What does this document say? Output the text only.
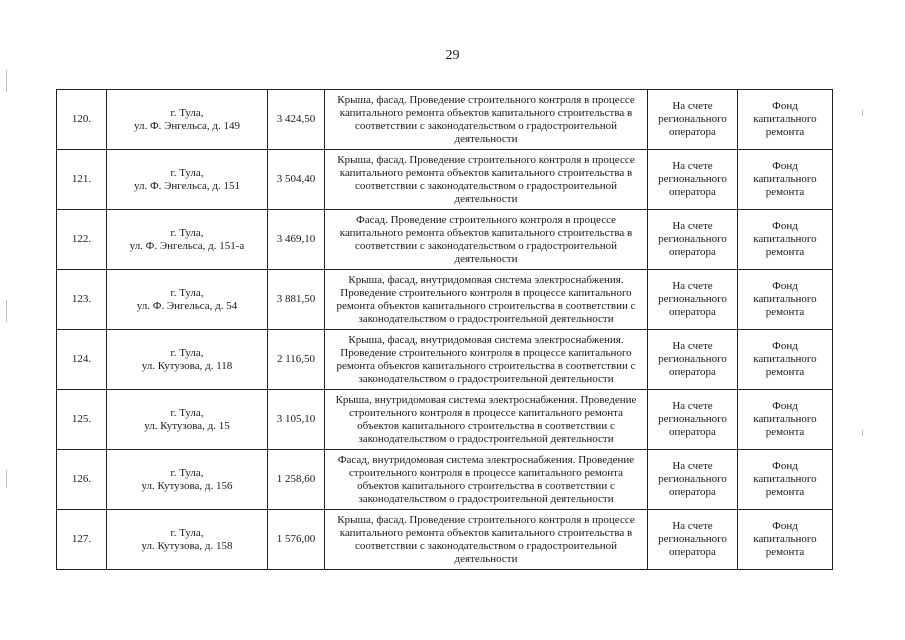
29
120.	г. Тула,
ул. Ф. Энгельса, д. 149	3 424,50	Крыша, фасад. Проведение строительного контроля в процессе капитального ремонта объектов капитального строительства в соответствии с законодательством о градостроительной деятельности	На счете регионального оператора	Фонд капитального ремонта
121.	г. Тула,
ул. Ф. Энгельса, д. 151	3 504,40	Крыша, фасад. Проведение строительного контроля в процессе капитального ремонта объектов капитального строительства в соответствии с законодательством о градостроительной деятельности	На счете регионального оператора	Фонд капитального ремонта
122.	г. Тула,
ул. Ф. Энгельса, д. 151-а	3 469,10	Фасад. Проведение строительного контроля в процессе капитального ремонта объектов капитального строительства в соответствии с законодательством о градостроительной деятельности	На счете регионального оператора	Фонд капитального ремонта
123.	г. Тула,
ул. Ф. Энгельса, д. 54	3 881,50	Крыша, фасад, внутридомовая система электроснабжения. Проведение строительного контроля в процессе капитального ремонта объектов капитального строительства в соответствии с законодательством о градостроительной деятельности	На счете регионального оператора	Фонд капитального ремонта
124.	г. Тула,
ул. Кутузова, д. 118	2 116,50	Крыша, фасад, внутридомовая система электроснабжения. Проведение строительного контроля в процессе капитального ремонта объектов капитального строительства в соответствии с законодательством о градостроительной деятельности	На счете регионального оператора	Фонд капитального ремонта
125.	г. Тула,
ул. Кутузова, д. 15	3 105,10	Крыша, внутридомовая система электроснабжения. Проведение строительного контроля в процессе капитального ремонта объектов капитального строительства в соответствии с законодательством о градостроительной деятельности	На счете регионального оператора	Фонд капитального ремонта
126.	г. Тула,
ул. Кутузова, д. 156	1 258,60	Фасад, внутридомовая система электроснабжения. Проведение строительного контроля в процессе капитального ремонта объектов капитального строительства в соответствии с законодательством о градостроительной деятельности	На счете регионального оператора	Фонд капитального ремонта
127.	г. Тула,
ул. Кутузова, д. 158	1 576,00	Крыша, фасад. Проведение строительного контроля в процессе капитального ремонта объектов капитального строительства в соответствии с законодательством о градостроительной деятельности	На счете регионального оператора	Фонд капитального ремонта
